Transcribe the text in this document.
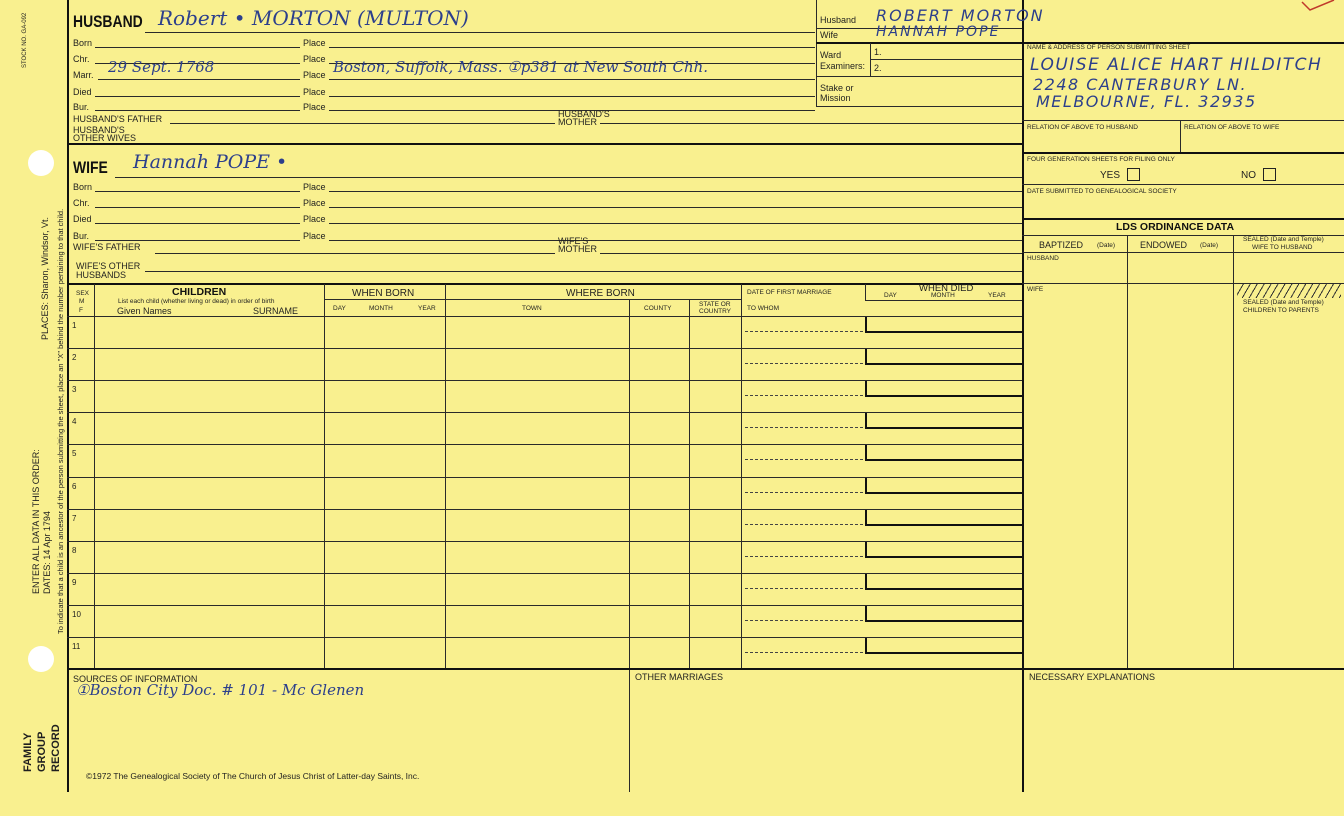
STOCK NO. GA-092
PLACES: Sharon, Windsor, Vt.
ENTER ALL DATA IN THIS ORDER: DATES: 14 Apr 1794 To indicate that a child is an ancestor of the person submitting the sheet, place an "X" behind the number pertaining to that child.
FAMILY GROUP RECORD
HUSBAND Robert • MORTON (MULTON)
Born	Place
Chr.	Place
Marr. 29 Sept. 1768	Place Boston, Suffolk, Mass. ①p381 at New South Chh.
Died	Place
Bur.	Place
HUSBAND'S FATHER	HUSBAND'S
MOTHER
HUSBAND'S
OTHER WIVES
WIFE Hannah POPE •
Born	Place
Chr.	Place
Died	Place
Bur.	Place
WIFE'S FATHER
WIFE'S
MOTHER
WIFE'S OTHER
HUSBANDS
Husband ROBERT MORTON
Wife	HANNAH POPE
Ward
Examiners:
1.
2.
Stake or
Mission
NAME & ADDRESS OF PERSON SUBMITTING SHEET
LOUISE ALICE HART HILDITCH
2248 CANTERBURY LN.
MELBOURNE, FL. 32935
RELATION OF ABOVE TO HUSBAND	RELATION OF ABOVE TO WIFE
FOUR GENERATION SHEETS FOR FILING ONLY
YES	NO
DATE SUBMITTED TO GENEALOGICAL SOCIETY
LDS ORDINANCE DATA
BAPTIZED (Date)	ENDOWED (Date)
SEALED (Date and Temple)
WIFE TO HUSBAND
HUSBAND
WIFE
SEALED (Date and Temple)
CHILDREN TO PARENTS
SEX
M
F
CHILDREN
List each child (whether living or dead) in order of birth
Given Names	SURNAME
WHEN BORN
DAY	MONTH	YEAR
WHERE BORN
TOWN	COUNTY
STATE OR
COUNTRY
DATE OF FIRST MARRIAGE
TO WHOM
WHEN DIED
DAY	MONTH	YEAR
1
2
3
4
5
6
7
8
9
10
11
SOURCES OF INFORMATION
①Boston City Doc. # 101 - Mc Glenen
OTHER MARRIAGES	NECESSARY EXPLANATIONS
©1972 The Genealogical Society of The Church of Jesus Christ of Latter-day Saints, Inc.
